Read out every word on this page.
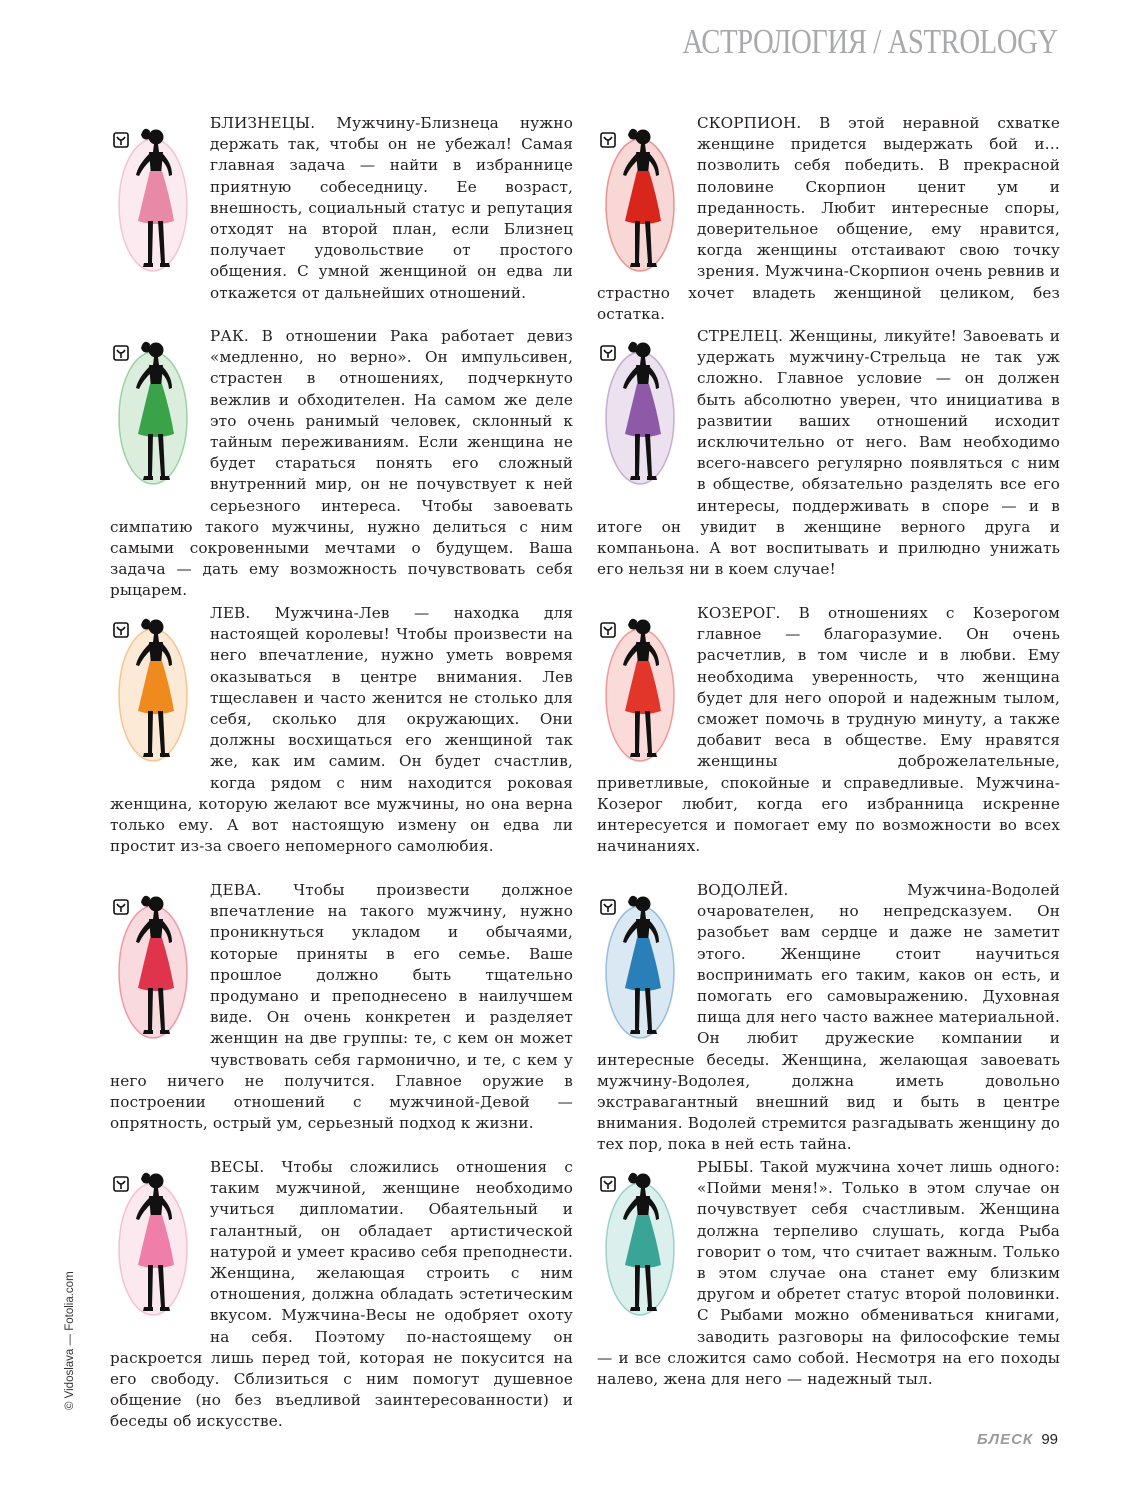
АСТРОЛОГИЯ / ASTROLOGY

БЛИЗНЕЦЫ. Мужчину-Близнеца нужно держать так, чтобы он не убежал! Самая главная задача — найти в избраннице приятную собеседницу. Ее возраст, внешность, социальный статус и репутация отходят на второй план, если Близнец получает удовольствие от простого общения. С умной женщиной он едва ли откажется от дальнейших отношений.

РАК. В отношении Рака работает девиз «медленно, но верно». Он импульсивен, страстен в отношениях, подчеркнуто вежлив и обходителен. На самом же деле это очень ранимый человек, склонный к тайным переживаниям. Если женщина не будет стараться понять его сложный внутренний мир, он не почувствует к ней серьезного интереса. Чтобы завоевать симпатию такого мужчины, нужно делиться с ним самыми сокровенными мечтами о будущем. Ваша задача — дать ему возможность почувствовать себя рыцарем.

ЛЕВ. Мужчина-Лев — находка для настоящей королевы! Чтобы произвести на него впечатление, нужно уметь вовремя оказываться в центре внимания. Лев тщеславен и часто женится не столько для себя, сколько для окружающих. Они должны восхищаться его женщиной так же, как им самим. Он будет счастлив, когда рядом с ним находится роковая женщина, которую желают все мужчины, но она верна только ему. А вот настоящую измену он едва ли простит из-за своего непомерного самолюбия.

ДЕВА. Чтобы произвести должное впечатление на такого мужчину, нужно проникнуться укладом и обычаями, которые приняты в его семье. Ваше прошлое должно быть тщательно продумано и преподнесено в наилучшем виде. Он очень конкретен и разделяет женщин на две группы: те, с кем он может чувствовать себя гармонично, и те, с кем у него ничего не получится. Главное оружие в построении отношений с мужчиной-Девой — опрятность, острый ум, серьезный подход к жизни.

ВЕСЫ. Чтобы сложились отношения с таким мужчиной, женщине необходимо учиться дипломатии. Обаятельный и галантный, он обладает артистической натурой и умеет красиво себя преподнести. Женщина, желающая строить с ним отношения, должна обладать эстетическим вкусом. Мужчина-Весы не одобряет охоту на себя. Поэтому по-настоящему он раскроется лишь перед той, которая не покусится на его свободу. Сблизиться с ним помогут душевное общение (но без въедливой заинтересованности) и беседы об искусстве.

СКОРПИОН. В этой неравной схватке женщине придется выдержать бой и… позволить себя победить. В прекрасной половине Скорпион ценит ум и преданность. Любит интересные споры, доверительное общение, ему нравится, когда женщины отстаивают свою точку зрения. Мужчина-Скорпион очень ревнив и страстно хочет владеть женщиной целиком, без остатка.

СТРЕЛЕЦ. Женщины, ликуйте! Завоевать и удержать мужчину-Стрельца не так уж сложно. Главное условие — он должен быть абсолютно уверен, что инициатива в развитии ваших отношений исходит исключительно от него. Вам необходимо всего-навсего регулярно появляться с ним в обществе, обязательно разделять все его интересы, поддерживать в споре — и в итоге он увидит в женщине верного друга и компаньона. А вот воспитывать и прилюдно унижать его нельзя ни в коем случае!

КОЗЕРОГ. В отношениях с Козерогом главное — благоразумие. Он очень расчетлив, в том числе и в любви. Ему необходима уверенность, что женщина будет для него опорой и надежным тылом, сможет помочь в трудную минуту, а также добавит веса в обществе. Ему нравятся женщины доброжелательные, приветливые, спокойные и справедливые. Мужчина-Козерог любит, когда его избранница искренне интересуется и помогает ему по возможности во всех начинаниях.

ВОДОЛЕЙ. Мужчина-Водолей очарователен, но непредсказуем. Он разобьет вам сердце и даже не заметит этого. Женщине стоит научиться воспринимать его таким, каков он есть, и помогать его самовыражению. Духовная пища для него часто важнее материальной. Он любит дружеские компании и интересные беседы. Женщина, желающая завоевать мужчину-Водолея, должна иметь довольно экстравагантный внешний вид и быть в центре внимания. Водолей стремится разгадывать женщину до тех пор, пока в ней есть тайна.

РЫБЫ. Такой мужчина хочет лишь одного: «Пойми меня!». Только в этом случае он почувствует себя счастливым. Женщина должна терпеливо слушать, когда Рыба говорит о том, что считает важным. Только в этом случае она станет ему близким другом и обретет статус второй половинки. С Рыбами можно обмениваться книгами, заводить разговоры на философские темы — и все сложится само собой. Несмотря на его походы налево, жена для него — надежный тыл.

© Vidoslava — Fotolia.com
БЛЕСК 99
